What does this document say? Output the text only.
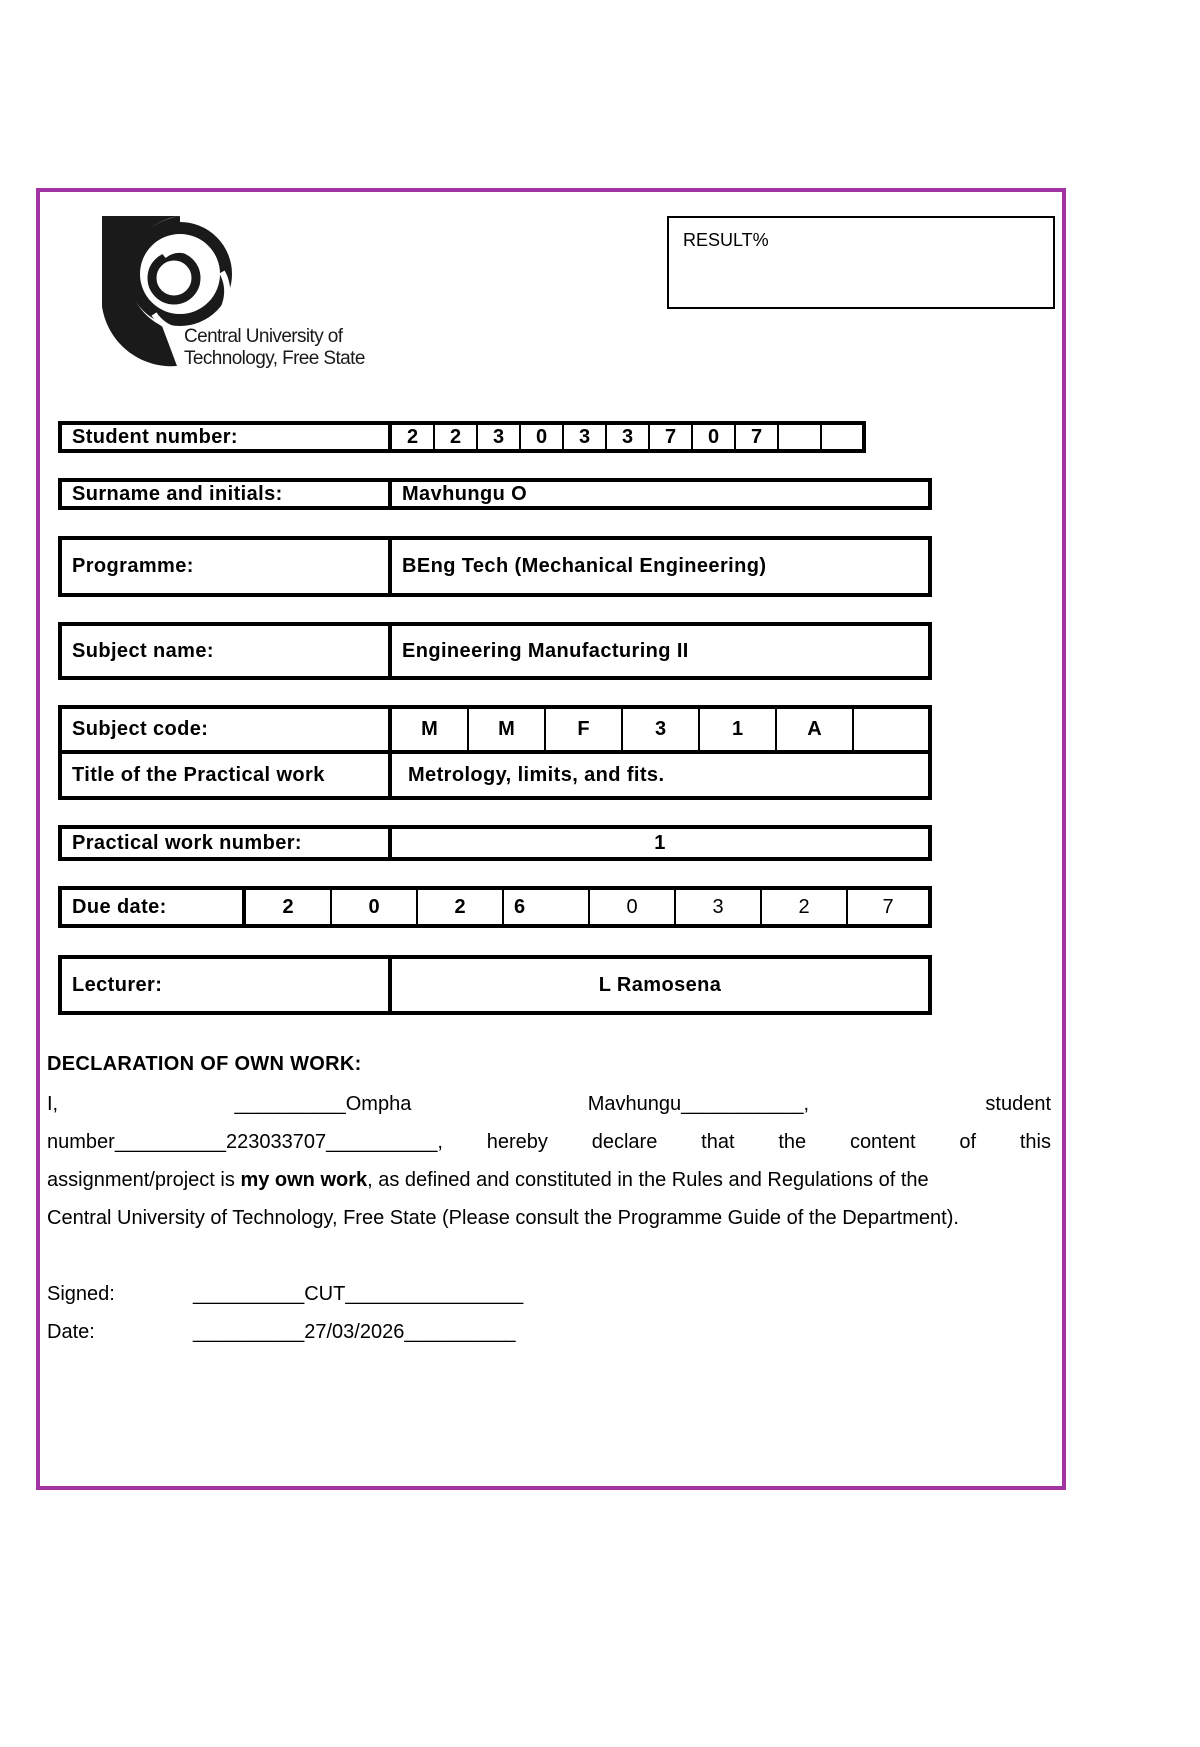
Central University of
Technology, Free State
RESULT%
Student number:	2	2	3	0	3	3	7	0	7
Surname and initials:	Mavhungu O
Programme:	BEng Tech (Mechanical Engineering)
Subject name:	Engineering Manufacturing II
Subject code:	M	M	F	3	1	A
Title of the Practical work	Metrology, limits, and fits.
Practical work number:	1
Due date:	2	0	2	6	0	3	2	7
Lecturer:	L Ramosena
DECLARATION OF OWN WORK:
I,	__________Ompha	Mavhungu___________,	student
number__________223033707__________, hereby declare that the content of this
assignment/project is my own work, as defined and constituted in the Rules and Regulations of the
Central University of Technology, Free State (Please consult the Programme Guide of the Department).
Signed:	__________CUT________________
Date:	__________27/03/2026__________
